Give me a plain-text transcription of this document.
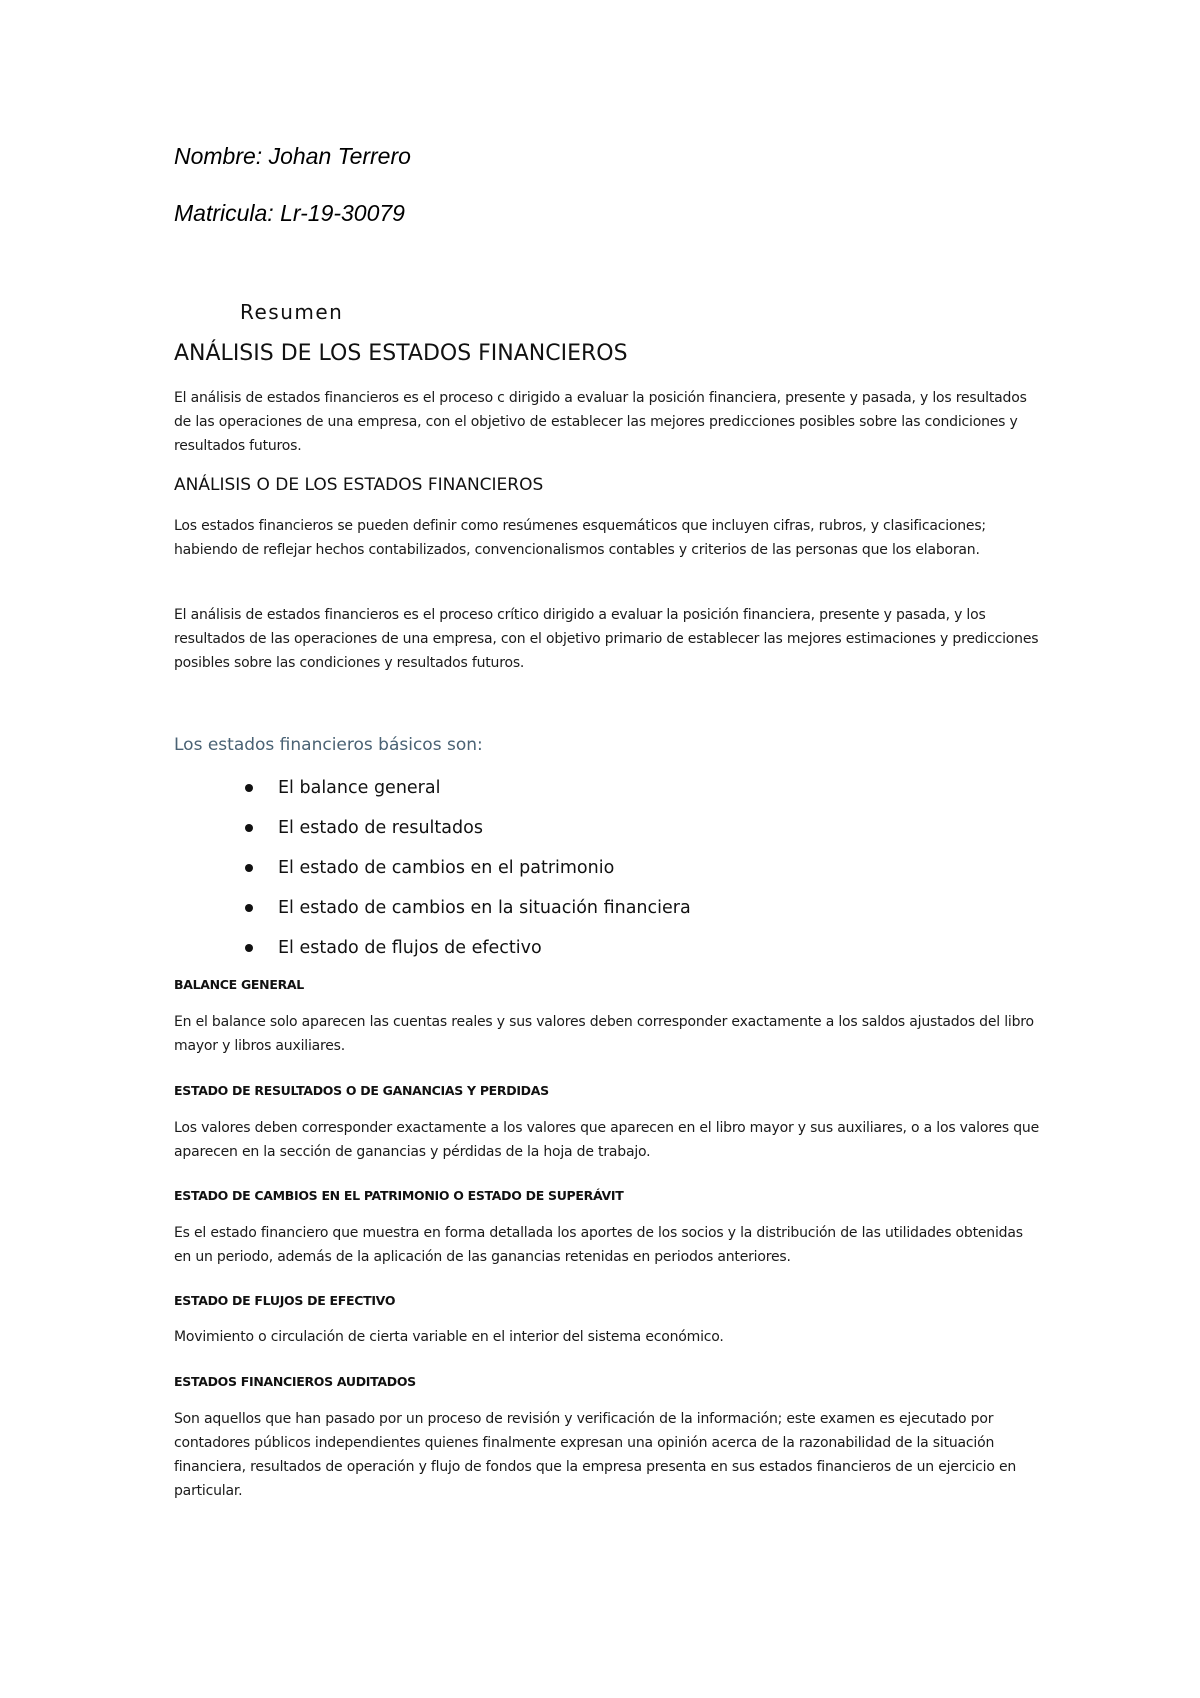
Nombre: Johan Terrero
Matricula: Lr-19-30079
Resumen
ANÁLISIS DE LOS ESTADOS FINANCIEROS

El análisis de estados financieros es el proceso c dirigido a evaluar la posición financiera, presente y pasada, y los resultados de las operaciones de una empresa, con el objetivo de establecer las mejores predicciones posibles sobre las condiciones y resultados futuros.

ANÁLISIS O DE LOS ESTADOS FINANCIEROS

Los estados financieros se pueden definir como resúmenes esquemáticos que incluyen cifras, rubros, y clasificaciones; habiendo de reflejar hechos contabilizados, convencionalismos contables y criterios de las personas que los elaboran.

El análisis de estados financieros es el proceso crítico dirigido a evaluar la posición financiera, presente y pasada, y los resultados de las operaciones de una empresa, con el objetivo primario de establecer las mejores estimaciones y predicciones posibles sobre las condiciones y resultados futuros.

Los estados financieros básicos son:
El balance general
El estado de resultados
El estado de cambios en el patrimonio
El estado de cambios en la situación financiera
El estado de flujos de efectivo
BALANCE GENERAL

En el balance solo aparecen las cuentas reales y sus valores deben corresponder exactamente a los saldos ajustados del libro mayor y libros auxiliares.

ESTADO DE RESULTADOS O DE GANANCIAS Y PERDIDAS

Los valores deben corresponder exactamente a los valores que aparecen en el libro mayor y sus auxiliares, o a los valores que aparecen en la sección de ganancias y pérdidas de la hoja de trabajo.

ESTADO DE CAMBIOS EN EL PATRIMONIO O ESTADO DE SUPERÁVIT

Es el estado financiero que muestra en forma detallada los aportes de los socios y la distribución de las utilidades obtenidas en un periodo, además de la aplicación de las ganancias retenidas en periodos anteriores.

ESTADO DE FLUJOS DE EFECTIVO

Movimiento o circulación de cierta variable en el interior del sistema económico.

ESTADOS FINANCIEROS AUDITADOS

Son aquellos que han pasado por un proceso de revisión y verificación de la información; este examen es ejecutado por contadores públicos independientes quienes finalmente expresan una opinión acerca de la razonabilidad de la situación financiera, resultados de operación y flujo de fondos que la empresa presenta en sus estados financieros de un ejercicio en particular.
